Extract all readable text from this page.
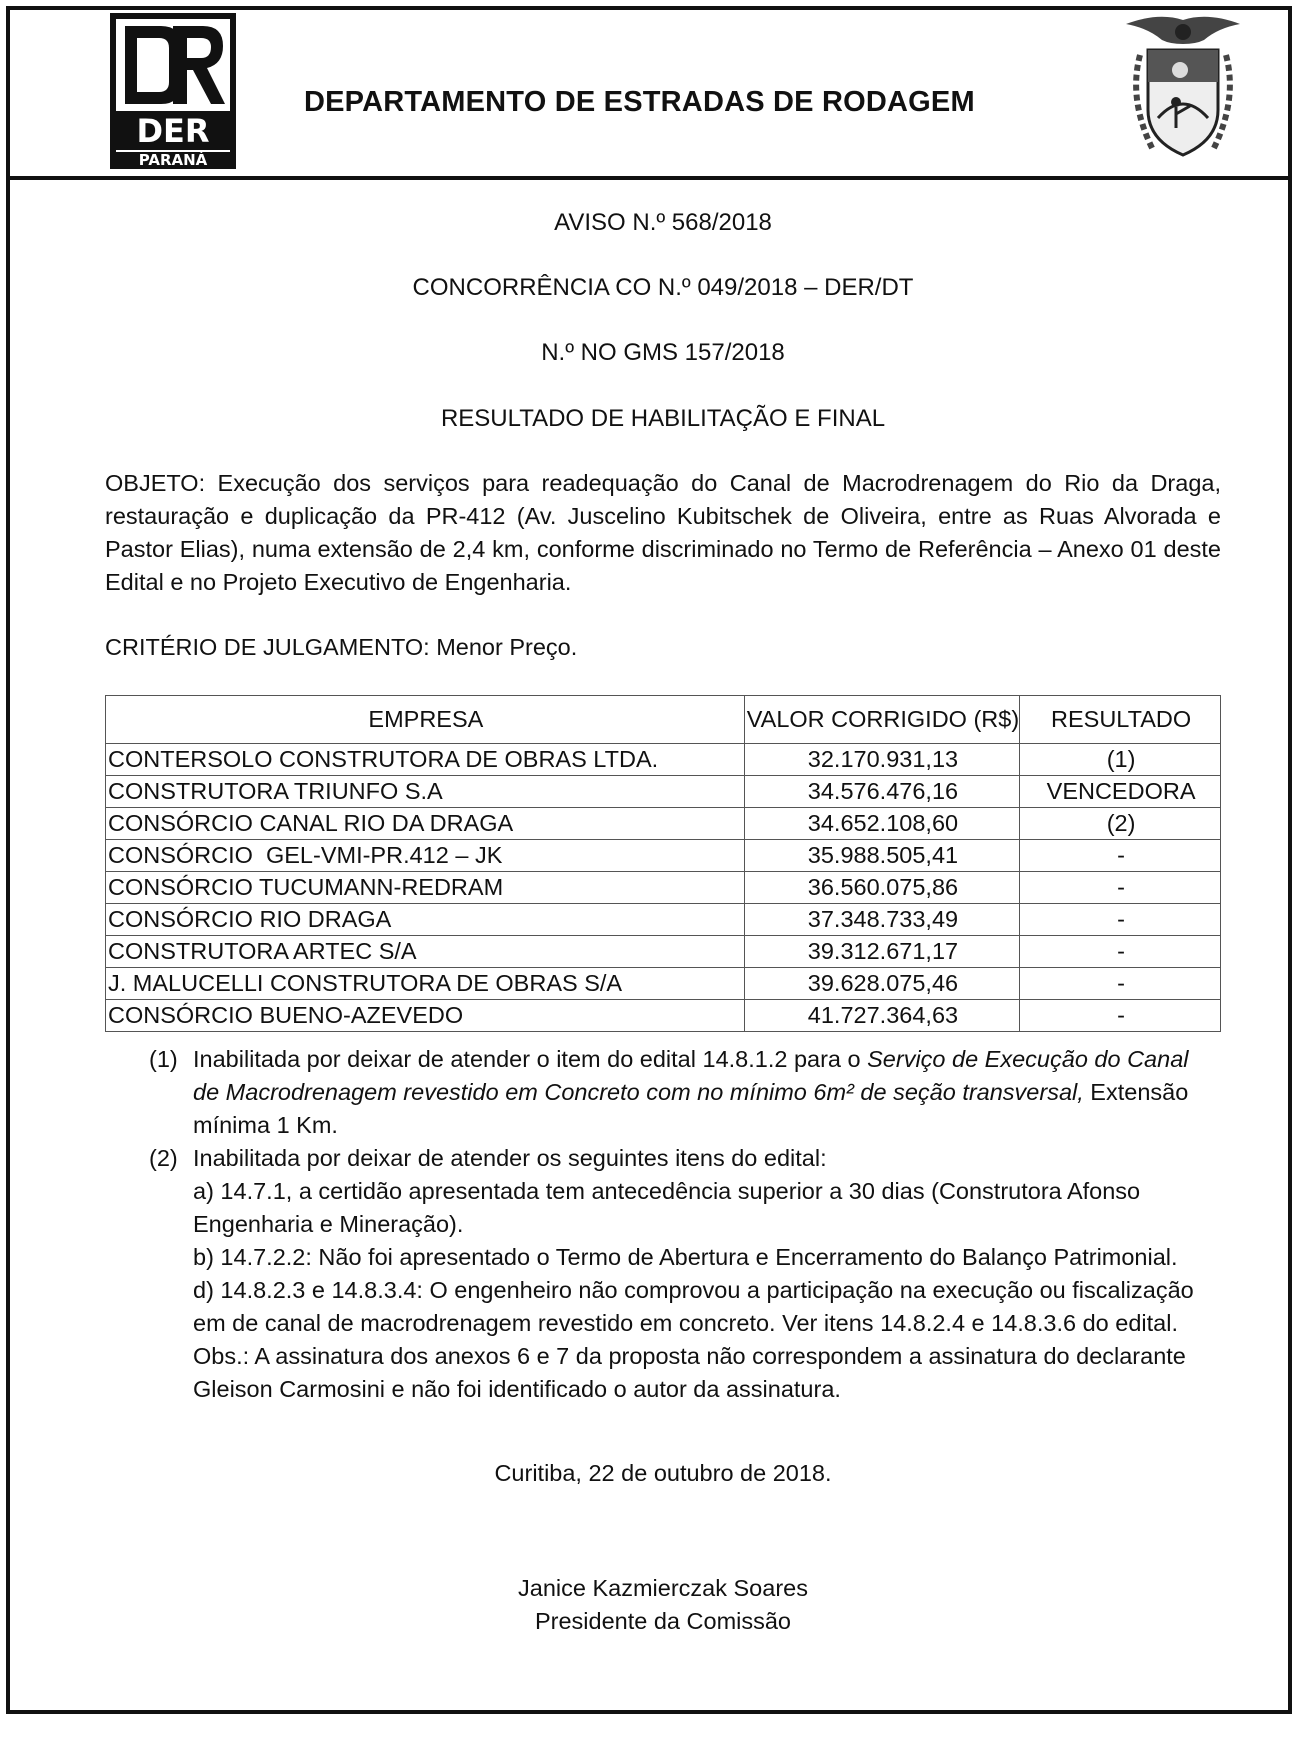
DER
PARANÁ
DEPARTAMENTO DE ESTRADAS DE RODAGEM
AVISO N.º 568/2018
CONCORRÊNCIA CO N.º 049/2018 – DER/DT
N.º NO GMS 157/2018
RESULTADO DE HABILITAÇÃO E FINAL
OBJETO: Execução dos serviços para readequação do Canal de Macrodrenagem do Rio da Draga, restauração e duplicação da PR-412 (Av. Juscelino Kubitschek de Oliveira, entre as Ruas Alvorada e Pastor Elias), numa extensão de 2,4 km, conforme discriminado no Termo de Referência – Anexo 01 deste Edital e no Projeto Executivo de Engenharia.
CRITÉRIO DE JULGAMENTO: Menor Preço.
EMPRESA	VALOR CORRIGIDO (R$)	RESULTADO
CONTERSOLO CONSTRUTORA DE OBRAS LTDA.	32.170.931,13	(1)
CONSTRUTORA TRIUNFO S.A	34.576.476,16	VENCEDORA
CONSÓRCIO CANAL RIO DA DRAGA	34.652.108,60	(2)
CONSÓRCIO  GEL-VMI-PR.412 – JK	35.988.505,41	-
CONSÓRCIO TUCUMANN-REDRAM	36.560.075,86	-
CONSÓRCIO RIO DRAGA	37.348.733,49	-
CONSTRUTORA ARTEC S/A	39.312.671,17	-
J. MALUCELLI CONSTRUTORA DE OBRAS S/A	39.628.075,46	-
CONSÓRCIO BUENO-AZEVEDO	41.727.364,63	-
(1) Inabilitada por deixar de atender o item do edital 14.8.1.2 para o Serviço de Execução do Canal de Macrodrenagem revestido em Concreto com no mínimo 6m² de seção transversal, Extensão mínima 1 Km.
(2) Inabilitada por deixar de atender os seguintes itens do edital:
a) 14.7.1, a certidão apresentada tem antecedência superior a 30 dias (Construtora Afonso Engenharia e Mineração).
b) 14.7.2.2: Não foi apresentado o Termo de Abertura e Encerramento do Balanço Patrimonial.
d) 14.8.2.3 e 14.8.3.4: O engenheiro não comprovou a participação na execução ou fiscalização em de canal de macrodrenagem revestido em concreto. Ver itens 14.8.2.4 e 14.8.3.6 do edital.
Obs.: A assinatura dos anexos 6 e 7 da proposta não correspondem a assinatura do declarante Gleison Carmosini e não foi identificado o autor da assinatura.
Curitiba, 22 de outubro de 2018.
Janice Kazmierczak Soares
Presidente da Comissão
